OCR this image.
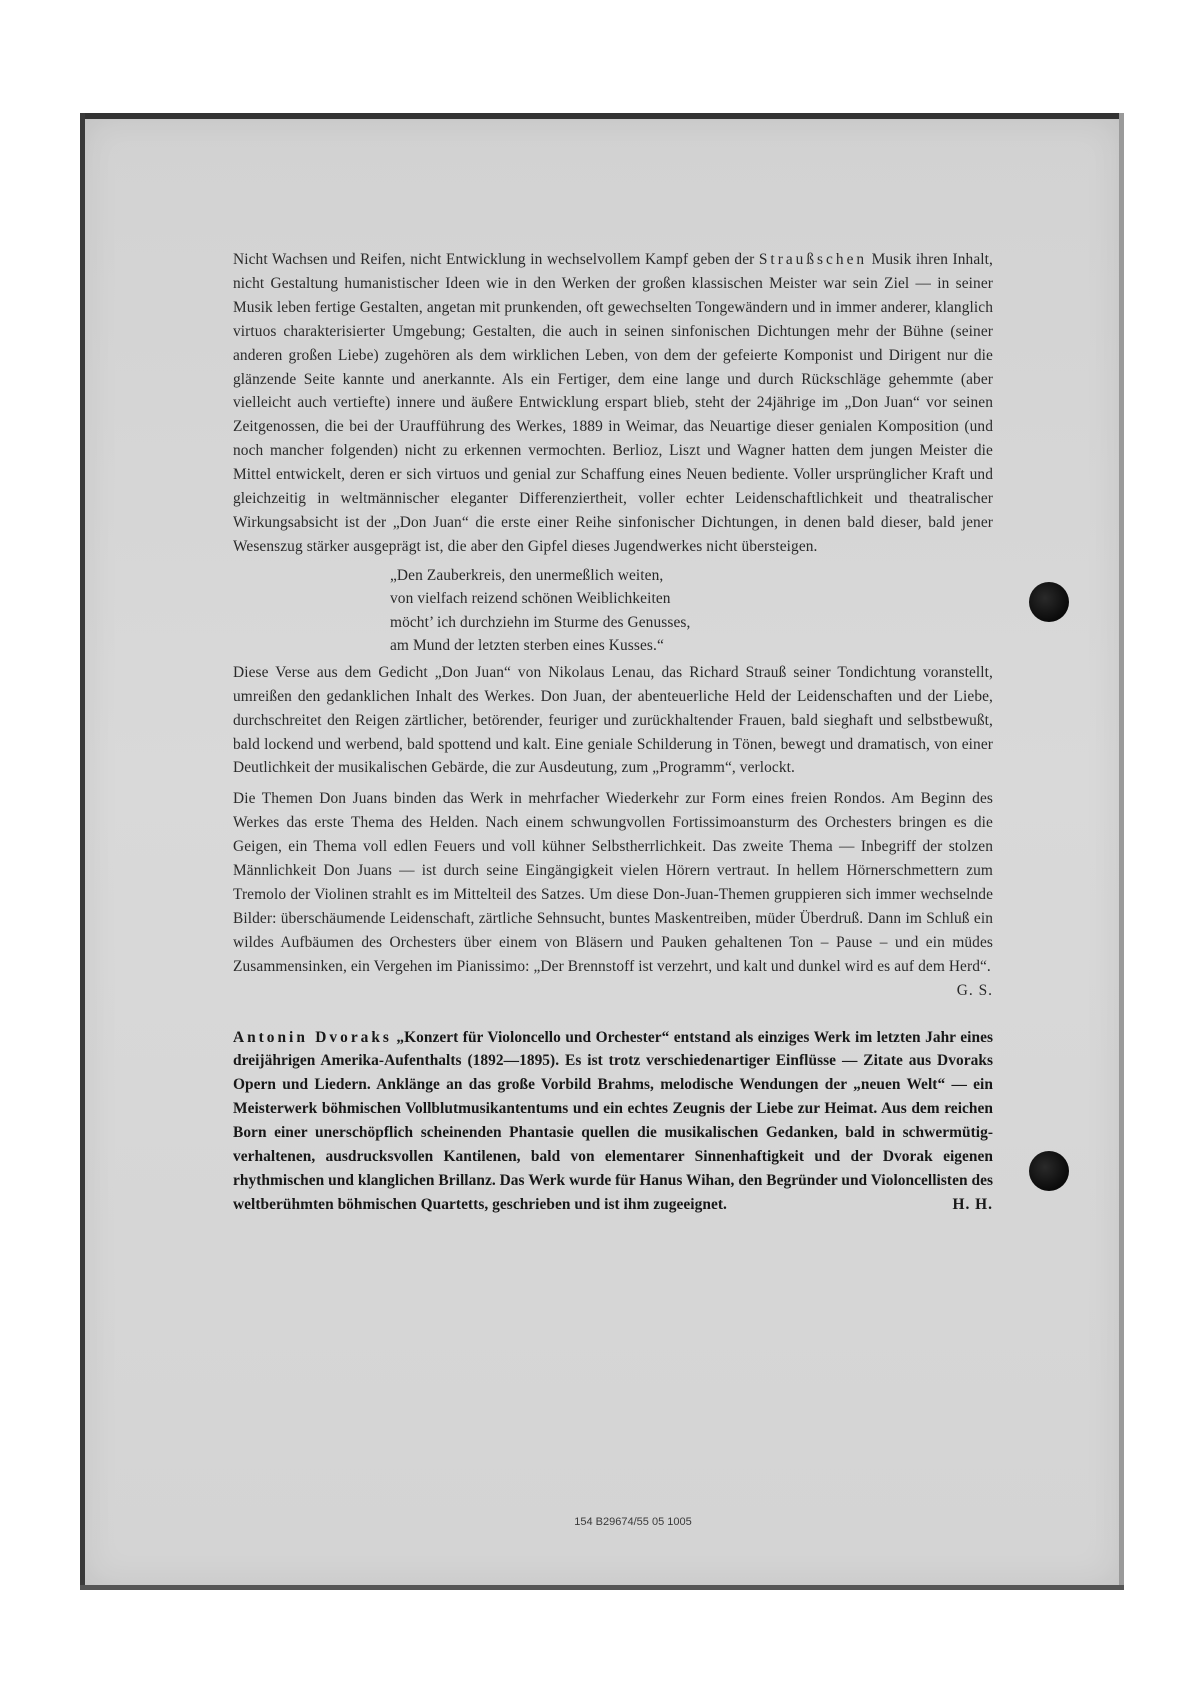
Nicht Wachsen und Reifen, nicht Entwicklung in wechselvollem Kampf geben der Straußschen Musik ihren Inhalt, nicht Gestaltung humanistischer Ideen wie in den Werken der großen klassischen Meister war sein Ziel — in seiner Musik leben fertige Gestalten, angetan mit prunkenden, oft gewechselten Tongewändern und in immer anderer, klanglich virtuos charakterisierter Umgebung; Gestalten, die auch in seinen sinfonischen Dichtungen mehr der Bühne (seiner anderen großen Liebe) zugehören als dem wirklichen Leben, von dem der gefeierte Komponist und Dirigent nur die glänzende Seite kannte und anerkannte. Als ein Fertiger, dem eine lange und durch Rückschläge gehemmte (aber vielleicht auch vertiefte) innere und äußere Entwicklung erspart blieb, steht der 24jährige im „Don Juan“ vor seinen Zeitgenossen, die bei der Uraufführung des Werkes, 1889 in Weimar, das Neuartige dieser genialen Komposition (und noch mancher folgenden) nicht zu erkennen vermochten. Berlioz, Liszt und Wagner hatten dem jungen Meister die Mittel entwickelt, deren er sich virtuos und genial zur Schaffung eines Neuen bediente. Voller ursprünglicher Kraft und gleichzeitig in weltmännischer eleganter Differenziertheit, voller echter Leidenschaftlichkeit und theatralischer Wirkungsabsicht ist der „Don Juan“ die erste einer Reihe sinfonischer Dichtungen, in denen bald dieser, bald jener Wesenszug stärker ausgeprägt ist, die aber den Gipfel dieses Jugendwerkes nicht übersteigen.

„Den Zauberkreis, den unermeßlich weiten,
von vielfach reizend schönen Weiblichkeiten
möcht’ ich durchziehn im Sturme des Genusses,
am Mund der letzten sterben eines Kusses.“

Diese Verse aus dem Gedicht „Don Juan“ von Nikolaus Lenau, das Richard Strauß seiner Tondichtung voranstellt, umreißen den gedanklichen Inhalt des Werkes. Don Juan, der abenteuerliche Held der Leidenschaften und der Liebe, durchschreitet den Reigen zärtlicher, betörender, feuriger und zurückhaltender Frauen, bald sieghaft und selbstbewußt, bald lockend und werbend, bald spottend und kalt. Eine geniale Schilderung in Tönen, bewegt und dramatisch, von einer Deutlichkeit der musikalischen Gebärde, die zur Ausdeutung, zum „Programm“, verlockt.

Die Themen Don Juans binden das Werk in mehrfacher Wiederkehr zur Form eines freien Rondos. Am Beginn des Werkes das erste Thema des Helden. Nach einem schwungvollen Fortissimoansturm des Orchesters bringen es die Geigen, ein Thema voll edlen Feuers und voll kühner Selbstherrlichkeit. Das zweite Thema — Inbegriff der stolzen Männlichkeit Don Juans — ist durch seine Eingängigkeit vielen Hörern vertraut. In hellem Hörnerschmettern zum Tremolo der Violinen strahlt es im Mittelteil des Satzes. Um diese Don-Juan-Themen gruppieren sich immer wechselnde Bilder: überschäumende Leidenschaft, zärtliche Sehnsucht, buntes Maskentreiben, müder Überdruß. Dann im Schluß ein wildes Aufbäumen des Orchesters über einem von Bläsern und Pauken gehaltenen Ton – Pause – und ein müdes Zusammensinken, ein Vergehen im Pianissimo: „Der Brennstoff ist verzehrt, und kalt und dunkel wird es auf dem Herd“.
G. S.

Antonin Dvoraks „Konzert für Violoncello und Orchester“ entstand als einziges Werk im letzten Jahr eines dreijährigen Amerika-Aufenthalts (1892—1895). Es ist trotz verschiedenartiger Einflüsse — Zitate aus Dvoraks Opern und Liedern. Anklänge an das große Vorbild Brahms, melodische Wendungen der „neuen Welt“ — ein Meisterwerk böhmischen Vollblutmusikantentums und ein echtes Zeugnis der Liebe zur Heimat. Aus dem reichen Born einer unerschöpflich scheinenden Phantasie quellen die musikalischen Gedanken, bald in schwermütig-verhaltenen, ausdrucksvollen Kantilenen, bald von elementarer Sinnenhaftigkeit und der Dvorak eigenen rhythmischen und klanglichen Brillanz. Das Werk wurde für Hanus Wihan, den Begründer und Violoncellisten des weltberühmten böhmischen Quartetts, geschrieben und ist ihm zugeeignet.	H. H.

154 B29674/55 05 1005
